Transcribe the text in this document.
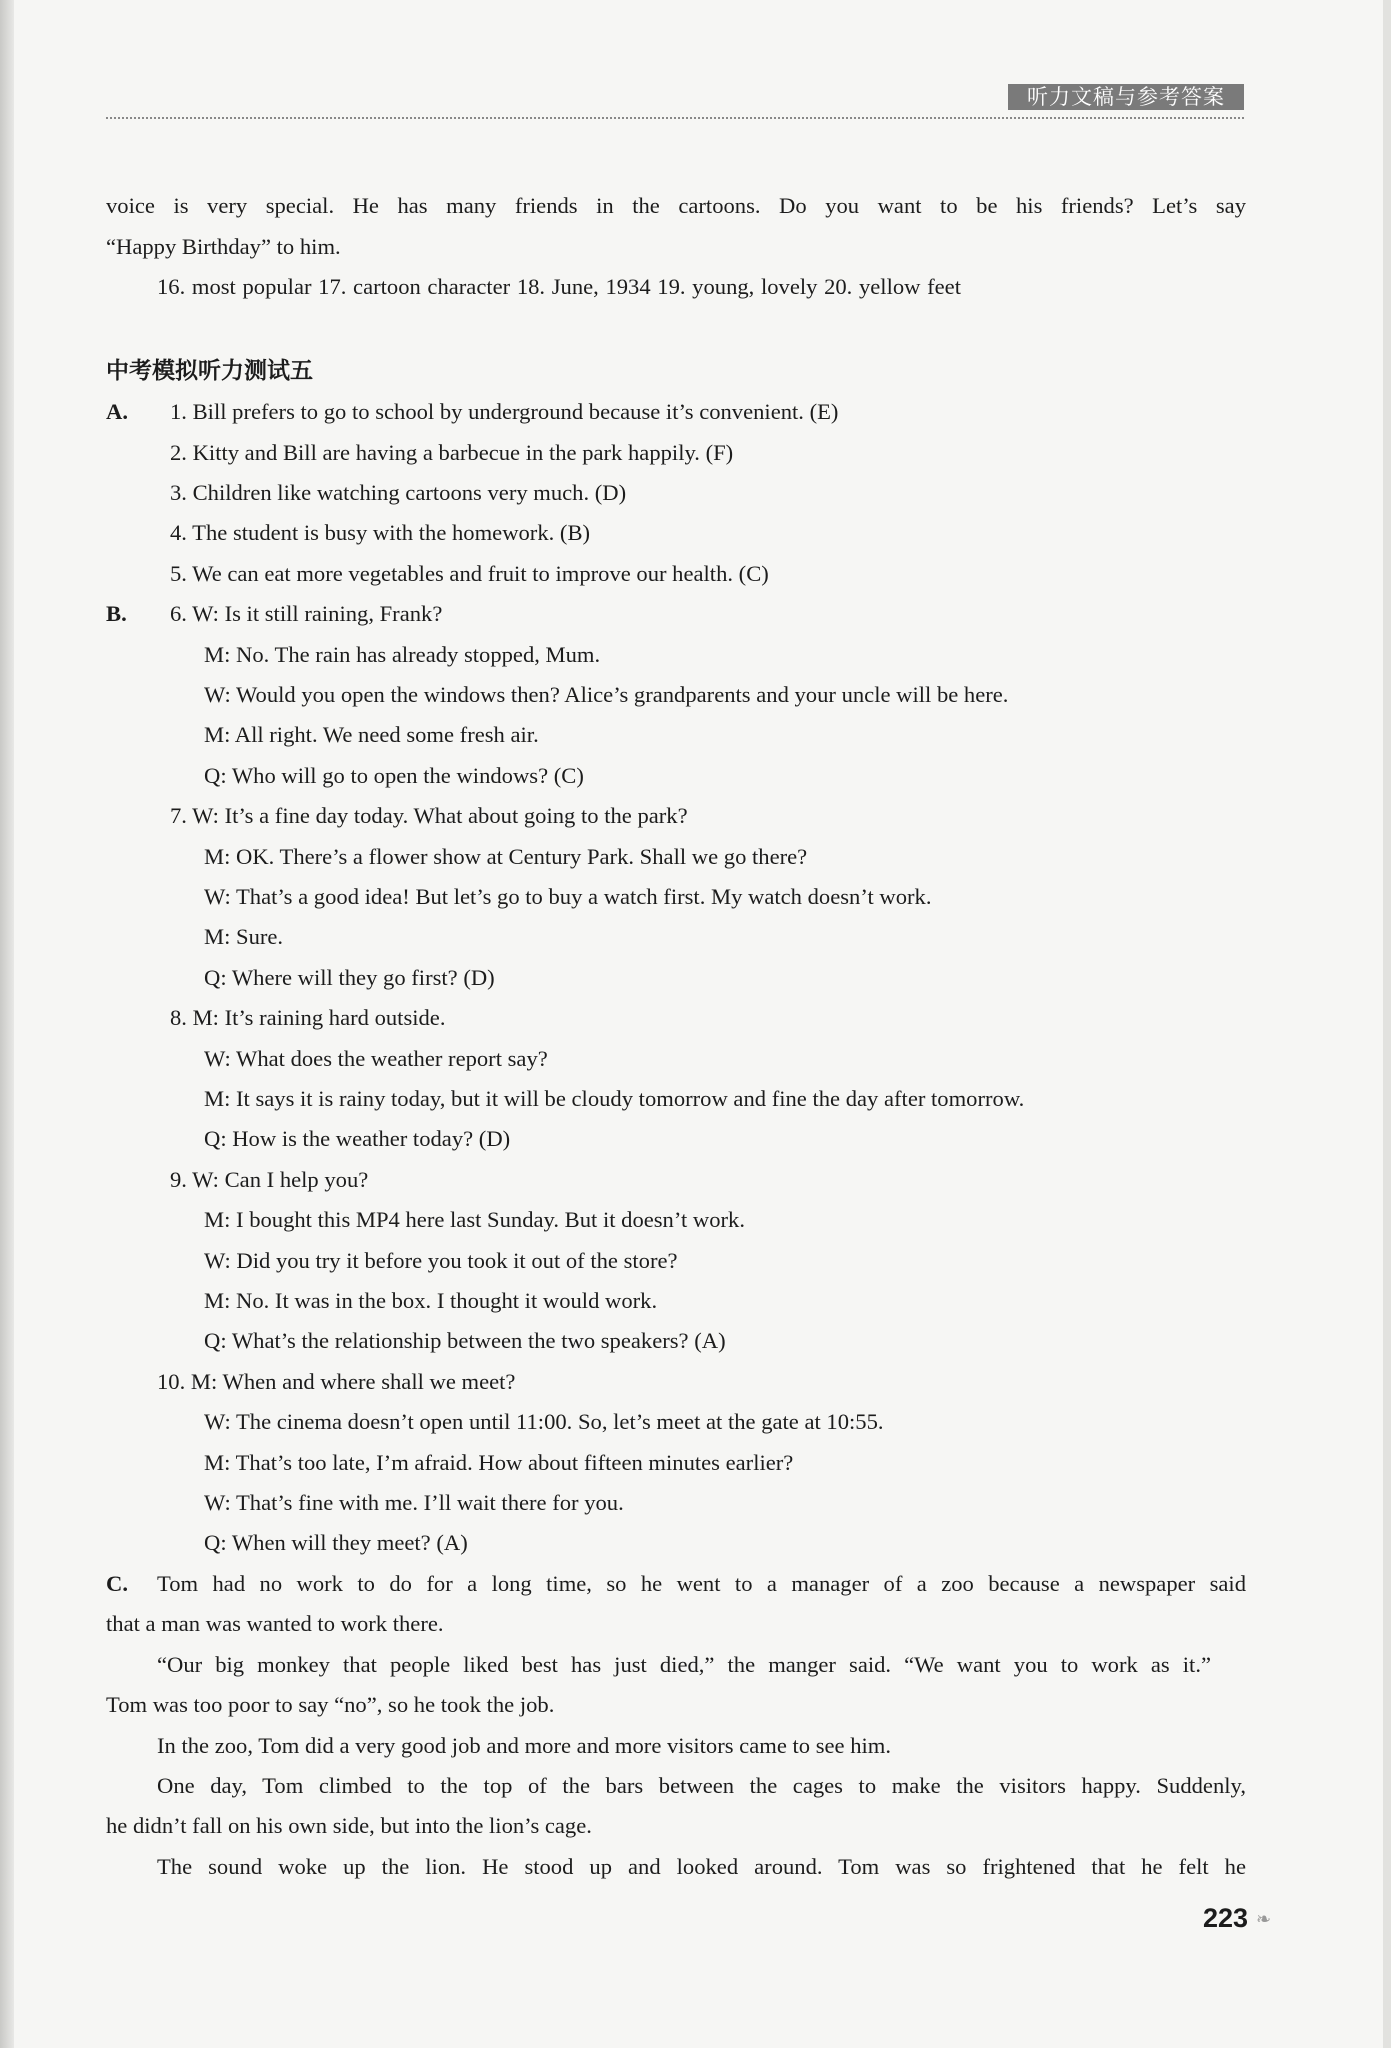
听力文稿与参考答案
voice is very special. He has many friends in the cartoons. Do you want to be his friends? Let’s say
“Happy Birthday” to him.
16. most popular 17. cartoon character 18. June, 1934 19. young, lovely 20. yellow feet
中考模拟听力测试五
A. 1. Bill prefers to go to school by underground because it’s convenient. (E)
2. Kitty and Bill are having a barbecue in the park happily. (F)
3. Children like watching cartoons very much. (D)
4. The student is busy with the homework. (B)
5. We can eat more vegetables and fruit to improve our health. (C)
B. 6. W: Is it still raining, Frank?
M: No. The rain has already stopped, Mum.
W: Would you open the windows then? Alice’s grandparents and your uncle will be here.
M: All right. We need some fresh air.
Q: Who will go to open the windows? (C)
7. W: It’s a fine day today. What about going to the park?
M: OK. There’s a flower show at Century Park. Shall we go there?
W: That’s a good idea! But let’s go to buy a watch first. My watch doesn’t work.
M: Sure.
Q: Where will they go first? (D)
8. M: It’s raining hard outside.
W: What does the weather report say?
M: It says it is rainy today, but it will be cloudy tomorrow and fine the day after tomorrow.
Q: How is the weather today? (D)
9. W: Can I help you?
M: I bought this MP4 here last Sunday. But it doesn’t work.
W: Did you try it before you took it out of the store?
M: No. It was in the box. I thought it would work.
Q: What’s the relationship between the two speakers? (A)
10. M: When and where shall we meet?
W: The cinema doesn’t open until 11:00. So, let’s meet at the gate at 10:55.
M: That’s too late, I’m afraid. How about fifteen minutes earlier?
W: That’s fine with me. I’ll wait there for you.
Q: When will they meet? (A)
C. Tom had no work to do for a long time, so he went to a manager of a zoo because a newspaper said
that a man was wanted to work there.
“Our big monkey that people liked best has just died,” the manger said. “We want you to work as it.”
Tom was too poor to say “no”, so he took the job.
In the zoo, Tom did a very good job and more and more visitors came to see him.
One day, Tom climbed to the top of the bars between the cages to make the visitors happy. Suddenly,
he didn’t fall on his own side, but into the lion’s cage.
The sound woke up the lion. He stood up and looked around. Tom was so frightened that he felt he
223 ❧
